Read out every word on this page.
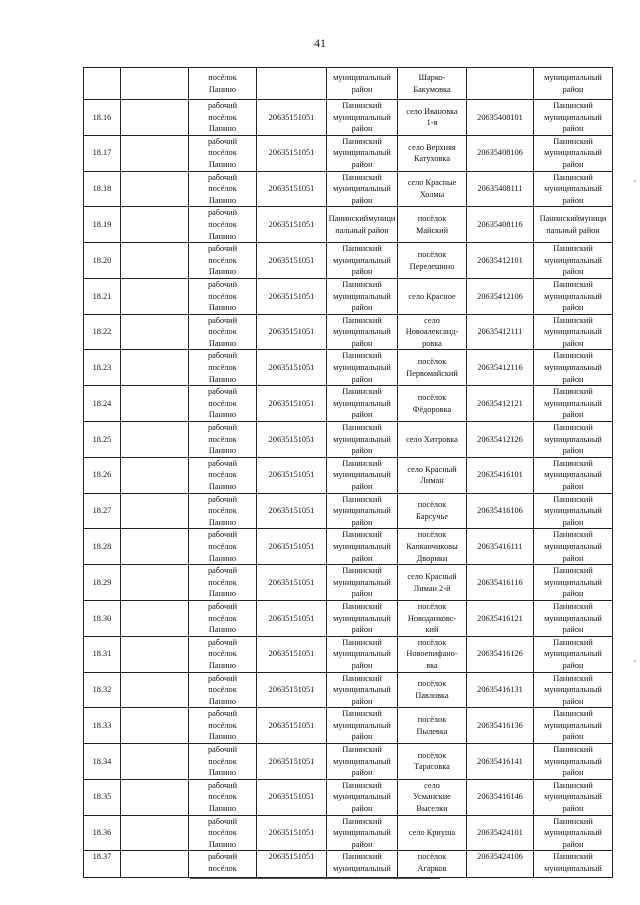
41
		посёлок
Панино		муниципальный
район	Шарко-
Бакумовка		муниципальный
район
18.16		рабочий
посёлок
Панино	20635151051	Панинский
муниципальный
район	село Ивановка
1-я	20635408101	Панинский
муниципальный
район
18.17		рабочий
посёлок
Панино	20635151051	Панинский
муниципальный
район	село Верхняя
Катуховка	20635408106	Панинский
муниципальный
район
18.18		рабочий
посёлок
Панино	20635151051	Панинский
муниципальный
район	село Красные
Холмы	20635408111	Панинский
муниципальный
район
18.19		рабочий
посёлок
Панино	20635151051	Панинскиймуници
пальный район	посёлок
Майский	20635408116	Панинскиймуници
пальный район
18.20		рабочий
посёлок
Панино	20635151051	Панинский
муниципальный
район	посёлок
Перелешино	20635412101	Панинский
муниципальный
район
18.21		рабочий
посёлок
Панино	20635151051	Панинский
муниципальный
район	село Красное	20635412106	Панинский
муниципальный
район
18.22		рабочий
посёлок
Панино	20635151051	Панинский
муниципальный
район	село
Новоалександ-
ровка	20635412111	Панинский
муниципальный
район
18.23		рабочий
посёлок
Панино	20635151051	Панинский
муниципальный
район	посёлок
Первомайский	20635412116	Панинский
муниципальный
район
18.24		рабочий
посёлок
Панино	20635151051	Панинский
муниципальный
район	посёлок
Фёдоровка	20635412121	Панинский
муниципальный
район
18.25		рабочий
посёлок
Панино	20635151051	Панинский
муниципальный
район	село Хитровка	20635412126	Панинский
муниципальный
район
18.26		рабочий
посёлок
Панино	20635151051	Панинский
муниципальный
район	село Красный
Лиман	20635416101	Панинский
муниципальный
район
18.27		рабочий
посёлок
Панино	20635151051	Панинский
муниципальный
район	посёлок
Барсучье	20635416106	Панинский
муниципальный
район
18.28		рабочий
посёлок
Панино	20635151051	Панинский
муниципальный
район	посёлок
Капканчиковы
Дворики	20635416111	Панинский
муниципальный
район
18.29		рабочий
посёлок
Панино	20635151051	Панинский
муниципальный
район	село Красный
Лиман 2-й	20635416116	Панинский
муниципальный
район
18.30		рабочий
посёлок
Панино	20635151051	Панинский
муниципальный
район	посёлок
Новоданковс-
кий	20635416121	Панинский
муниципальный
район
18.31		рабочий
посёлок
Панино	20635151051	Панинский
муниципальный
район	посёлок
Новоепифано-
вка	20635416126	Панинский
муниципальный
район
18.32		рабочий
посёлок
Панино	20635151051	Панинский
муниципальный
район	посёлок
Павловка	20635416131	Панинский
муниципальный
район
18.33		рабочий
посёлок
Панино	20635151051	Панинский
муниципальный
район	посёлок
Пылевка	20635416136	Панинский
муниципальный
район
18.34		рабочий
посёлок
Панино	20635151051	Панинский
муниципальный
район	посёлок
Тарасовка	20635416141	Панинский
муниципальный
район
18.35		рабочий
посёлок
Панино	20635151051	Панинский
муниципальный
район	село
Усманские
Выселки	20635416146	Панинский
муниципальный
район
18.36		рабочий
посёлок
Панино	20635151051	Панинский
муниципальный
район	село Криуша	20635424101	Панинский
муниципальный
район
18.37		рабочий
посёлок	20635151051	Панинский
муниципальный	посёлок
Агарков	20635424106	Панинский
муниципальный
